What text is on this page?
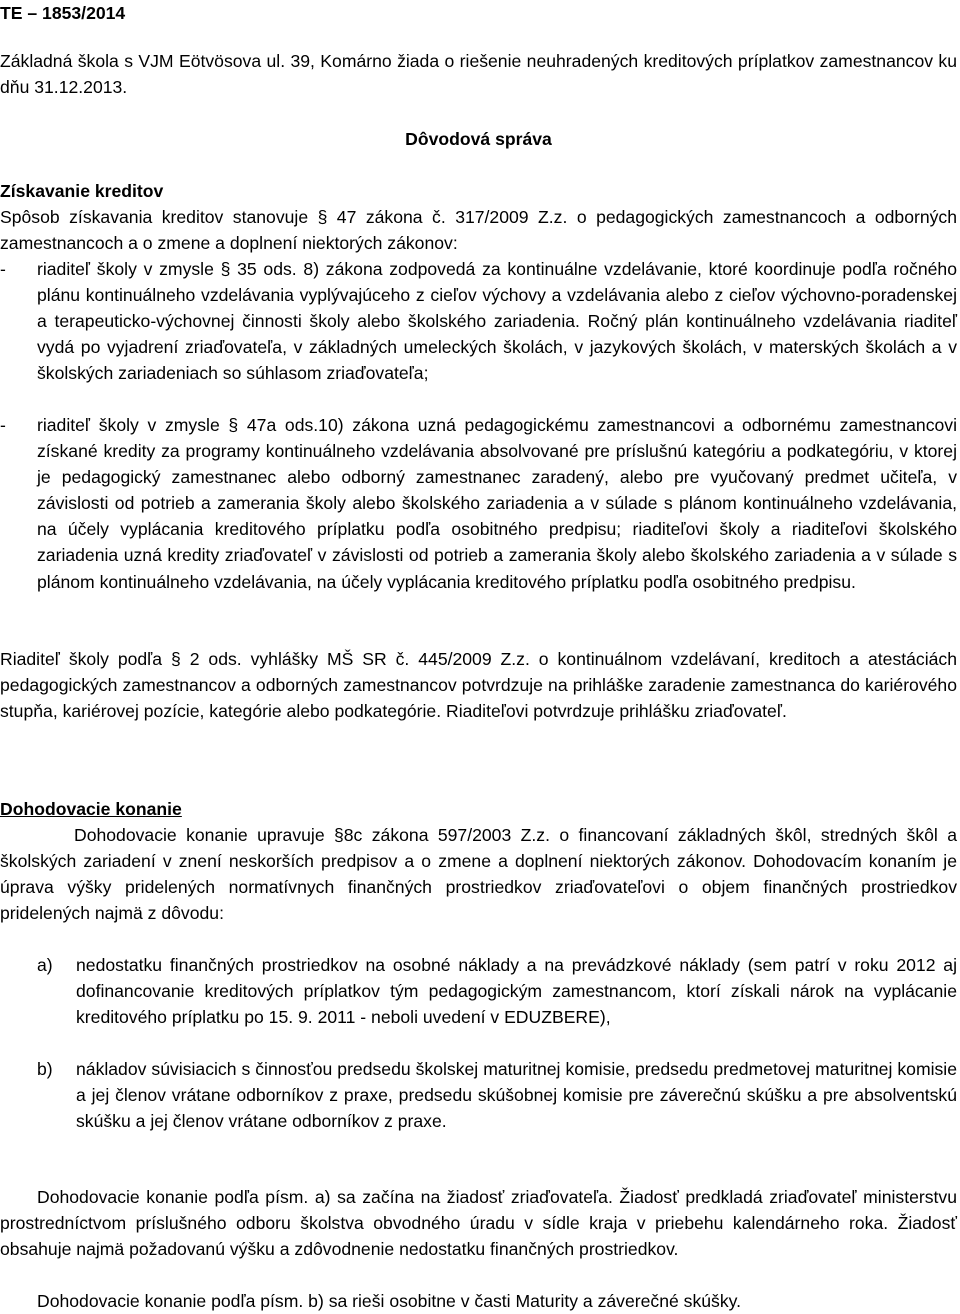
TE – 1853/2014
Základná škola s VJM Eötvösova ul. 39, Komárno žiada o riešenie neuhradených kreditových príplatkov zamestnancov ku dňu 31.12.2013.
Dôvodová správa
Získavanie kreditov
Spôsob získavania kreditov stanovuje § 47 zákona č. 317/2009 Z.z. o pedagogických zamestnancoch a odborných zamestnancoch a o zmene a doplnení niektorých zákonov:
- riaditeľ školy v zmysle § 35 ods. 8) zákona zodpovedá za kontinuálne vzdelávanie, ktoré koordinuje podľa ročného plánu kontinuálneho vzdelávania vyplývajúceho z cieľov výchovy a vzdelávania alebo z cieľov výchovno-poradenskej a terapeuticko-výchovnej činnosti školy alebo školského zariadenia. Ročný plán kontinuálneho vzdelávania riaditeľ vydá po vyjadrení zriaďovateľa, v základných umeleckých školách, v jazykových školách, v materských školách a v školských zariadeniach so súhlasom zriaďovateľa;
- riaditeľ školy v zmysle § 47a ods.10) zákona uzná pedagogickému zamestnancovi a odbornému zamestnancovi získané kredity za programy kontinuálneho vzdelávania absolvované pre príslušnú kategóriu a podkategóriu, v ktorej je pedagogický zamestnanec alebo odborný zamestnanec zaradený, alebo pre vyučovaný predmet učiteľa, v závislosti od potrieb a zamerania školy alebo školského zariadenia a v súlade s plánom kontinuálneho vzdelávania, na účely vyplácania kreditového príplatku podľa osobitného predpisu; riaditeľovi školy a riaditeľovi školského zariadenia uzná kredity zriaďovateľ v závislosti od potrieb a zamerania školy alebo školského zariadenia a v súlade s plánom kontinuálneho vzdelávania, na účely vyplácania kreditového príplatku podľa osobitného predpisu.
Riaditeľ školy podľa § 2 ods. vyhlášky MŠ SR č. 445/2009 Z.z. o kontinuálnom vzdelávaní, kreditoch a atestáciách pedagogických zamestnancov a odborných zamestnancov potvrdzuje na prihláške zaradenie zamestnanca do kariérového stupňa, kariérovej pozície, kategórie alebo podkategórie. Riaditeľovi potvrdzuje prihlášku zriaďovateľ.
Dohodovacie konanie
Dohodovacie konanie upravuje §8c zákona 597/2003 Z.z. o financovaní základných škôl, stredných škôl a školských zariadení v znení neskorších predpisov a o zmene a doplnení niektorých zákonov. Dohodovacím konaním je úprava výšky pridelených normatívnych finančných prostriedkov zriaďovateľovi o objem finančných prostriedkov pridelených najmä z dôvodu:
a) nedostatku finančných prostriedkov na osobné náklady a na prevádzkové náklady (sem patrí v roku 2012 aj dofinancovanie kreditových príplatkov tým pedagogickým zamestnancom, ktorí získali nárok na vyplácanie kreditového príplatku po 15. 9. 2011 - neboli uvedení v EDUZBERE),
b) nákladov súvisiacich s činnosťou predsedu školskej maturitnej komisie, predsedu predmetovej maturitnej komisie a jej členov vrátane odborníkov z praxe, predsedu skúšobnej komisie pre záverečnú skúšku a pre absolventskú skúšku a jej členov vrátane odborníkov z praxe.
Dohodovacie konanie podľa písm. a) sa začína na žiadosť zriaďovateľa. Žiadosť predkladá zriaďovateľ ministerstvu prostredníctvom príslušného odboru školstva obvodného úradu v sídle kraja v priebehu kalendárneho roka. Žiadosť obsahuje najmä požadovanú výšku a zdôvodnenie nedostatku finančných prostriedkov.
Dohodovacie konanie podľa písm. b) sa rieši osobitne v časti Maturity a záverečné skúšky.
